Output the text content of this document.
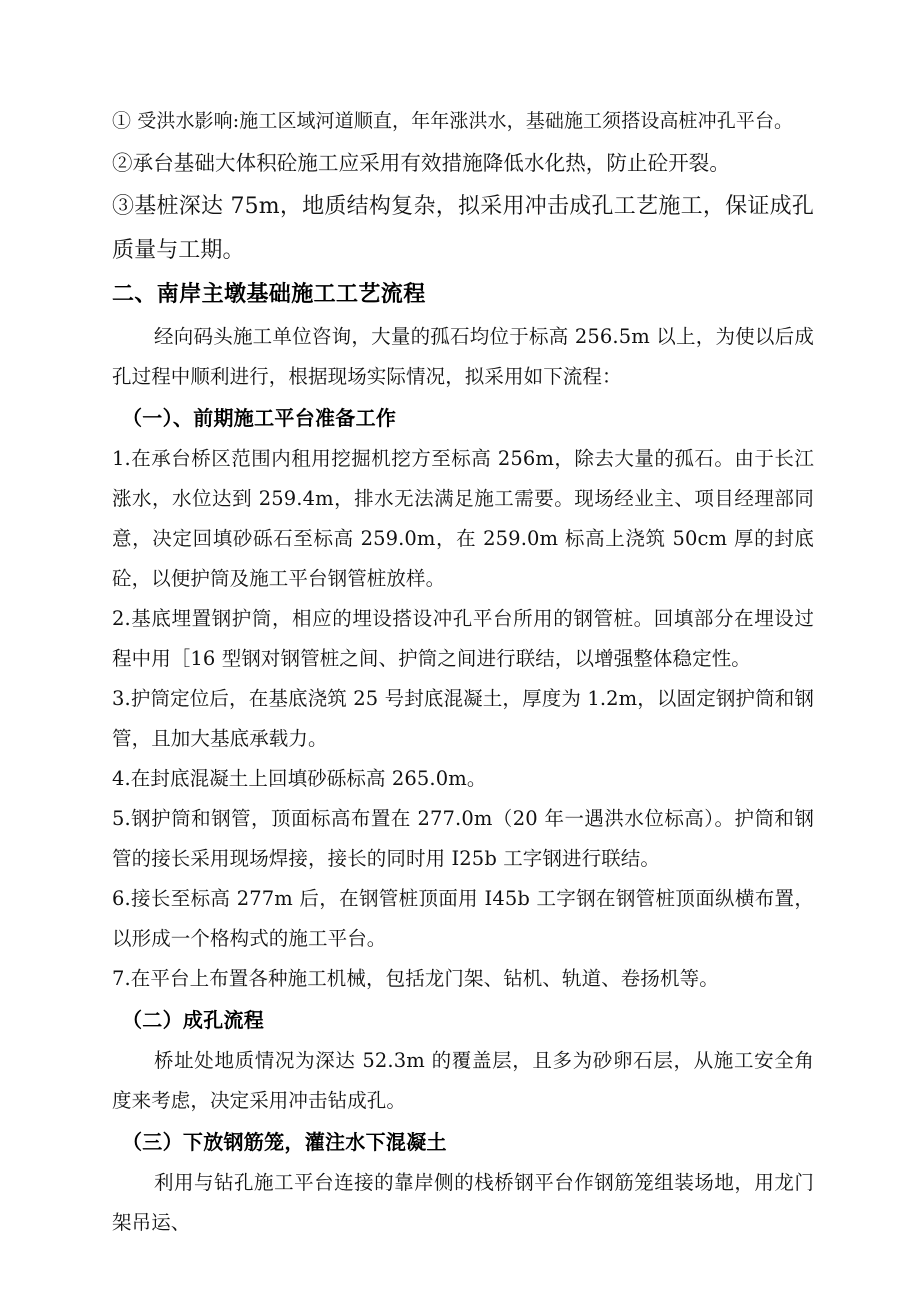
① 受洪水影响:施工区域河道顺直，年年涨洪水，基础施工须搭设高桩冲孔平台。

②承台基础大体积砼施工应采用有效措施降低水化热，防止砼开裂。

③基桩深达 75m，地质结构复杂，拟采用冲击成孔工艺施工，保证成孔质量与工期。

二、南岸主墩基础施工工艺流程

经向码头施工单位咨询，大量的孤石均位于标高 256.5m 以上，为使以后成孔过程中顺利进行，根据现场实际情况，拟采用如下流程：

（一）、前期施工平台准备工作

1.在承台桥区范围内租用挖掘机挖方至标高 256m，除去大量的孤石。由于长江涨水，水位达到 259.4m，排水无法满足施工需要。现场经业主、项目经理部同意，决定回填砂砾石至标高 259.0m，在 259.0m 标高上浇筑 50cm 厚的封底砼，以便护筒及施工平台钢管桩放样。

2.基底埋置钢护筒，相应的埋设搭设冲孔平台所用的钢管桩。回填部分在埋设过程中用［16 型钢对钢管桩之间、护筒之间进行联结，以增强整体稳定性。

3.护筒定位后，在基底浇筑 25 号封底混凝土，厚度为 1.2m，以固定钢护筒和钢管，且加大基底承载力。

4.在封底混凝土上回填砂砾标高 265.0m。

5.钢护筒和钢管，顶面标高布置在 277.0m（20 年一遇洪水位标高）。护筒和钢管的接长采用现场焊接，接长的同时用 I25b 工字钢进行联结。

6.接长至标高 277m 后，在钢管桩顶面用 I45b 工字钢在钢管桩顶面纵横布置，以形成一个格构式的施工平台。

7.在平台上布置各种施工机械，包括龙门架、钻机、轨道、卷扬机等。

（二）成孔流程

桥址处地质情况为深达 52.3m 的覆盖层，且多为砂卵石层，从施工安全角度来考虑，决定采用冲击钻成孔。

（三）下放钢筋笼，灌注水下混凝土

利用与钻孔施工平台连接的靠岸侧的栈桥钢平台作钢筋笼组装场地，用龙门架吊运、
